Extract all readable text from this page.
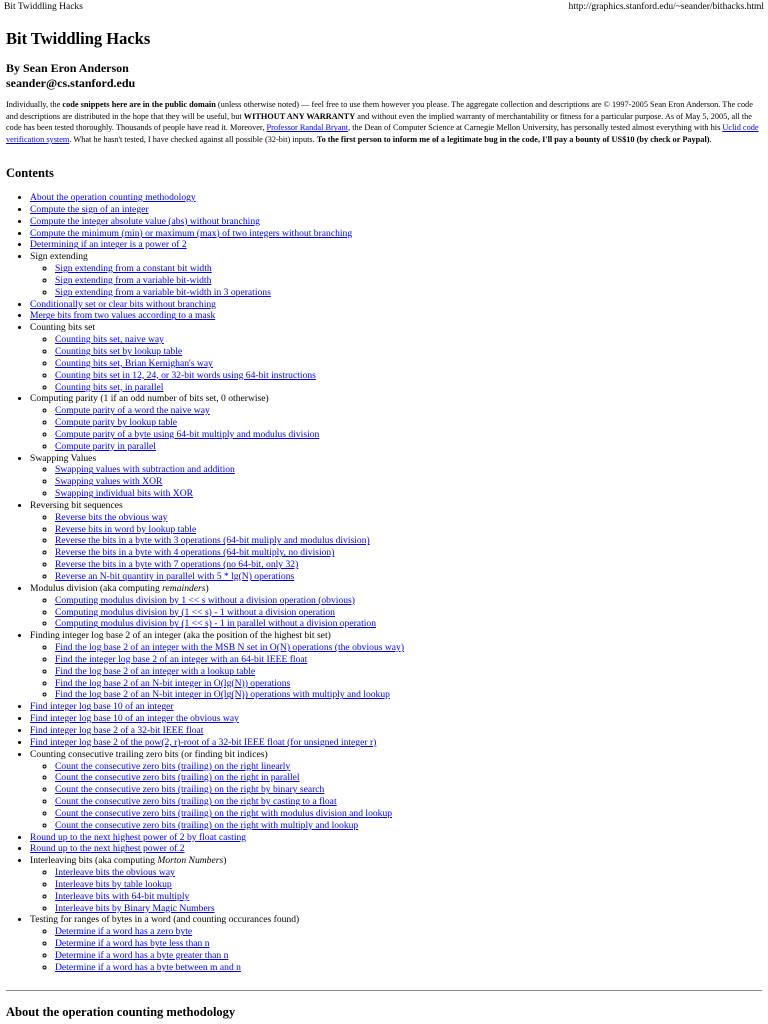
Bit Twiddling Hacks	http://graphics.stanford.edu/~seander/bithacks.html
Bit Twiddling Hacks
By Sean Eron Anderson
seander@cs.stanford.edu

Individually, the code snippets here are in the public domain (unless otherwise noted) — feel free to use them however you please. The aggregate collection and descriptions are © 1997-2005 Sean Eron Anderson. The code and descriptions are distributed in the hope that they will be useful, but WITHOUT ANY WARRANTY and without even the implied warranty of merchantability or fitness for a particular purpose. As of May 5, 2005, all the code has been tested thoroughly. Thousands of people have read it. Moreover, Professor Randal Bryant, the Dean of Computer Science at Carnegie Mellon University, has personally tested almost everything with his Uclid code verification system. What he hasn't tested, I have checked against all possible (32-bit) inputs. To the first person to inform me of a legitimate bug in the code, I'll pay a bounty of US$10 (by check or Paypal).

Contents
• About the operation counting methodology
• Compute the sign of an integer
• Compute the integer absolute value (abs) without branching
• Compute the minimum (min) or maximum (max) of two integers without branching
• Determining if an integer is a power of 2
• Sign extending
◦ Sign extending from a constant bit width
◦ Sign extending from a variable bit-width
◦ Sign extending from a variable bit-width in 3 operations
• Conditionally set or clear bits without branching
• Merge bits from two values according to a mask
• Counting bits set
◦ Counting bits set, naive way
◦ Counting bits set by lookup table
◦ Counting bits set, Brian Kernighan's way
◦ Counting bits set in 12, 24, or 32-bit words using 64-bit instructions
◦ Counting bits set, in parallel
• Computing parity (1 if an odd number of bits set, 0 otherwise)
◦ Compute parity of a word the naive way
◦ Compute parity by lookup table
◦ Compute parity of a byte using 64-bit multiply and modulus division
◦ Compute parity in parallel
• Swapping Values
◦ Swapping values with subtraction and addition
◦ Swapping values with XOR
◦ Swapping individual bits with XOR
• Reversing bit sequences
◦ Reverse bits the obvious way
◦ Reverse bits in word by lookup table
◦ Reverse the bits in a byte with 3 operations (64-bit muliply and modulus division)
◦ Reverse the bits in a byte with 4 operations (64-bit multiply, no division)
◦ Reverse the bits in a byte with 7 operations (no 64-bit, only 32)
◦ Reverse an N-bit quantity in parallel with 5 * lg(N) operations
• Modulus division (aka computing remainders)
◦ Computing modulus division by 1 << s without a division operation (obvious)
◦ Computing modulus division by (1 << s) - 1 without a division operation
◦ Computing modulus division by (1 << s) - 1 in parallel without a division operation
• Finding integer log base 2 of an integer (aka the position of the highest bit set)
◦ Find the log base 2 of an integer with the MSB N set in O(N) operations (the obvious way)
◦ Find the integer log base 2 of an integer with an 64-bit IEEE float
◦ Find the log base 2 of an integer with a lookup table
◦ Find the log base 2 of an N-bit integer in O(lg(N)) operations
◦ Find the log base 2 of an N-bit integer in O(lg(N)) operations with multiply and lookup
• Find integer log base 10 of an integer
• Find integer log base 10 of an integer the obvious way
• Find integer log base 2 of a 32-bit IEEE float
• Find integer log base 2 of the pow(2, r)-root of a 32-bit IEEE float (for unsigned integer r)
• Counting consecutive trailing zero bits (or finding bit indices)
◦ Count the consecutive zero bits (trailing) on the right linearly
◦ Count the consecutive zero bits (trailing) on the right in parallel
◦ Count the consecutive zero bits (trailing) on the right by binary search
◦ Count the consecutive zero bits (trailing) on the right by casting to a float
◦ Count the consecutive zero bits (trailing) on the right with modulus division and lookup
◦ Count the consecutive zero bits (trailing) on the right with multiply and lookup
• Round up to the next highest power of 2 by float casting
• Round up to the next highest power of 2
• Interleaving bits (aka computing Morton Numbers)
◦ Interleave bits the obvious way
◦ Interleave bits by table lookup
◦ Interleave bits with 64-bit multiply
◦ Interleave bits by Binary Magic Numbers
• Testing for ranges of bytes in a word (and counting occurances found)
◦ Determine if a word has a zero byte
◦ Determine if a word has byte less than n
◦ Determine if a word has a byte greater than n
◦ Determine if a word has a byte between m and n
About the operation counting methodology
